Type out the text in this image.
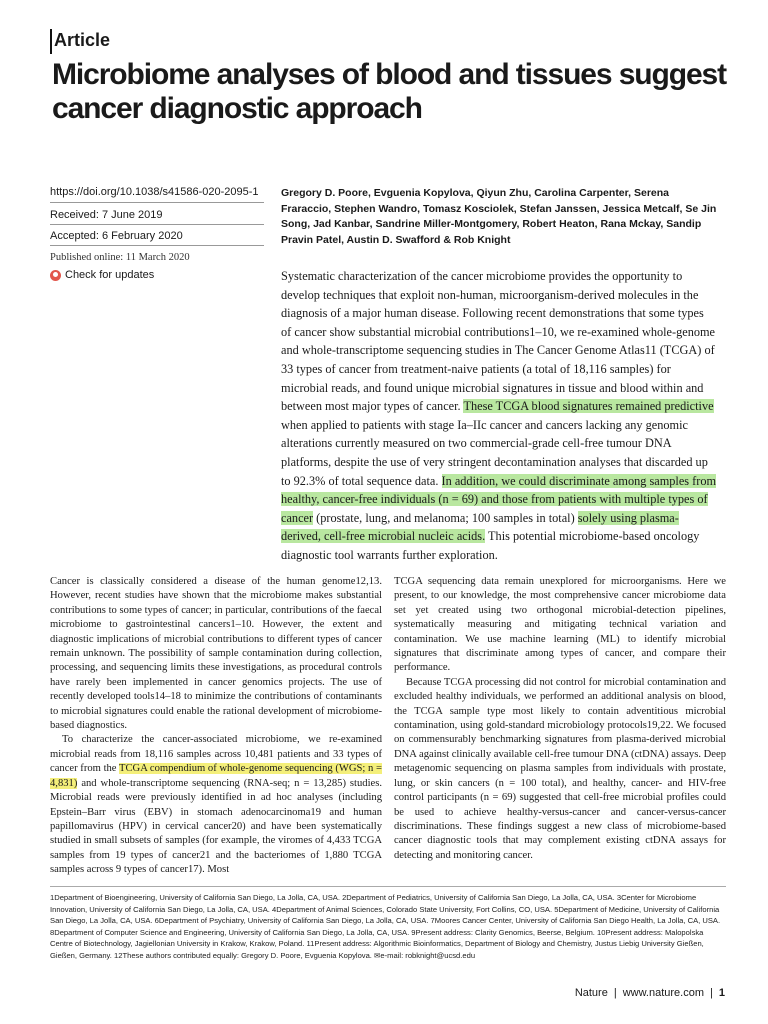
Article
Microbiome analyses of blood and tissues suggest cancer diagnostic approach
https://doi.org/10.1038/s41586-020-2095-1
Received: 7 June 2019
Accepted: 6 February 2020
Published online: 11 March 2020
Check for updates
Gregory D. Poore, Evguenia Kopylova, Qiyun Zhu, Carolina Carpenter, Serena Fraraccio, Stephen Wandro, Tomasz Kosciolek, Stefan Janssen, Jessica Metcalf, Se Jin Song, Jad Kanbar, Sandrine Miller-Montgomery, Robert Heaton, Rana Mckay, Sandip Pravin Patel, Austin D. Swafford & Rob Knight
Systematic characterization of the cancer microbiome provides the opportunity to develop techniques that exploit non-human, microorganism-derived molecules in the diagnosis of a major human disease. Following recent demonstrations that some types of cancer show substantial microbial contributions1–10, we re-examined whole-genome and whole-transcriptome sequencing studies in The Cancer Genome Atlas11 (TCGA) of 33 types of cancer from treatment-naive patients (a total of 18,116 samples) for microbial reads, and found unique microbial signatures in tissue and blood within and between most major types of cancer. These TCGA blood signatures remained predictive when applied to patients with stage Ia–IIc cancer and cancers lacking any genomic alterations currently measured on two commercial-grade cell-free tumour DNA platforms, despite the use of very stringent decontamination analyses that discarded up to 92.3% of total sequence data. In addition, we could discriminate among samples from healthy, cancer-free individuals (n = 69) and those from patients with multiple types of cancer (prostate, lung, and melanoma; 100 samples in total) solely using plasma-derived, cell-free microbial nucleic acids. This potential microbiome-based oncology diagnostic tool warrants further exploration.

Cancer is classically considered a disease of the human genome12,13. However, recent studies have shown that the microbiome makes substantial contributions to some types of cancer; in particular, contributions of the faecal microbiome to gastrointestinal cancers1–10. However, the extent and diagnostic implications of microbial contributions to different types of cancer remain unknown. The possibility of sample contamination during collection, processing, and sequencing limits these investigations, as procedural controls have rarely been implemented in cancer genomics projects. The use of recently developed tools14–18 to minimize the contributions of contaminants to microbial signatures could enable the rational development of microbiome-based diagnostics.

To characterize the cancer-associated microbiome, we re-examined microbial reads from 18,116 samples across 10,481 patients and 33 types of cancer from the TCGA compendium of whole-genome sequencing (WGS; n = 4,831) and whole-transcriptome sequencing (RNA-seq; n = 13,285) studies. Microbial reads were previously identified in ad hoc analyses (including Epstein–Barr virus (EBV) in stomach adenocarcinoma19 and human papillomavirus (HPV) in cervical cancer20) and have been systematically studied in small subsets of samples (for example, the viromes of 4,433 TCGA samples from 19 types of cancer21 and the bacteriomes of 1,880 TCGA samples across 9 types of cancer17). Most

TCGA sequencing data remain unexplored for microorganisms. Here we present, to our knowledge, the most comprehensive cancer microbiome data set yet created using two orthogonal microbial-detection pipelines, systematically measuring and mitigating technical variation and contamination. We use machine learning (ML) to identify microbial signatures that discriminate among types of cancer, and compare their performance.

Because TCGA processing did not control for microbial contamination and excluded healthy individuals, we performed an additional analysis on blood, the TCGA sample type most likely to contain adventitious microbial contamination, using gold-standard microbiology protocols19,22. We focused on commensurably benchmarking signatures from plasma-derived microbial DNA against clinically available cell-free tumour DNA (ctDNA) assays. Deep metagenomic sequencing on plasma samples from individuals with prostate, lung, or skin cancers (n = 100 total), and healthy, cancer- and HIV-free control participants (n = 69) suggested that cell-free microbial profiles could be used to achieve healthy-versus-cancer and cancer-versus-cancer discriminations. These findings suggest a new class of microbiome-based cancer diagnostic tools that may complement existing ctDNA assays for detecting and monitoring cancer.

1Department of Bioengineering, University of California San Diego, La Jolla, CA, USA. 2Department of Pediatrics, University of California San Diego, La Jolla, CA, USA. 3Center for Microbiome Innovation, University of California San Diego, La Jolla, CA, USA. 4Department of Animal Sciences, Colorado State University, Fort Collins, CO, USA. 5Department of Medicine, University of California San Diego, La Jolla, CA, USA. 6Department of Psychiatry, University of California San Diego, La Jolla, CA, USA. 7Moores Cancer Center, University of California San Diego Health, La Jolla, CA, USA. 8Department of Computer Science and Engineering, University of California San Diego, La Jolla, CA, USA. 9Present address: Clarity Genomics, Beerse, Belgium. 10Present address: Malopolska Centre of Biotechnology, Jagiellonian University in Krakow, Krakow, Poland. 11Present address: Algorithmic Bioinformatics, Department of Biology and Chemistry, Justus Liebig University Gießen, Gießen, Germany. 12These authors contributed equally: Gregory D. Poore, Evguenia Kopylova. ✉e-mail: robknight@ucsd.edu
Nature | www.nature.com | 1
